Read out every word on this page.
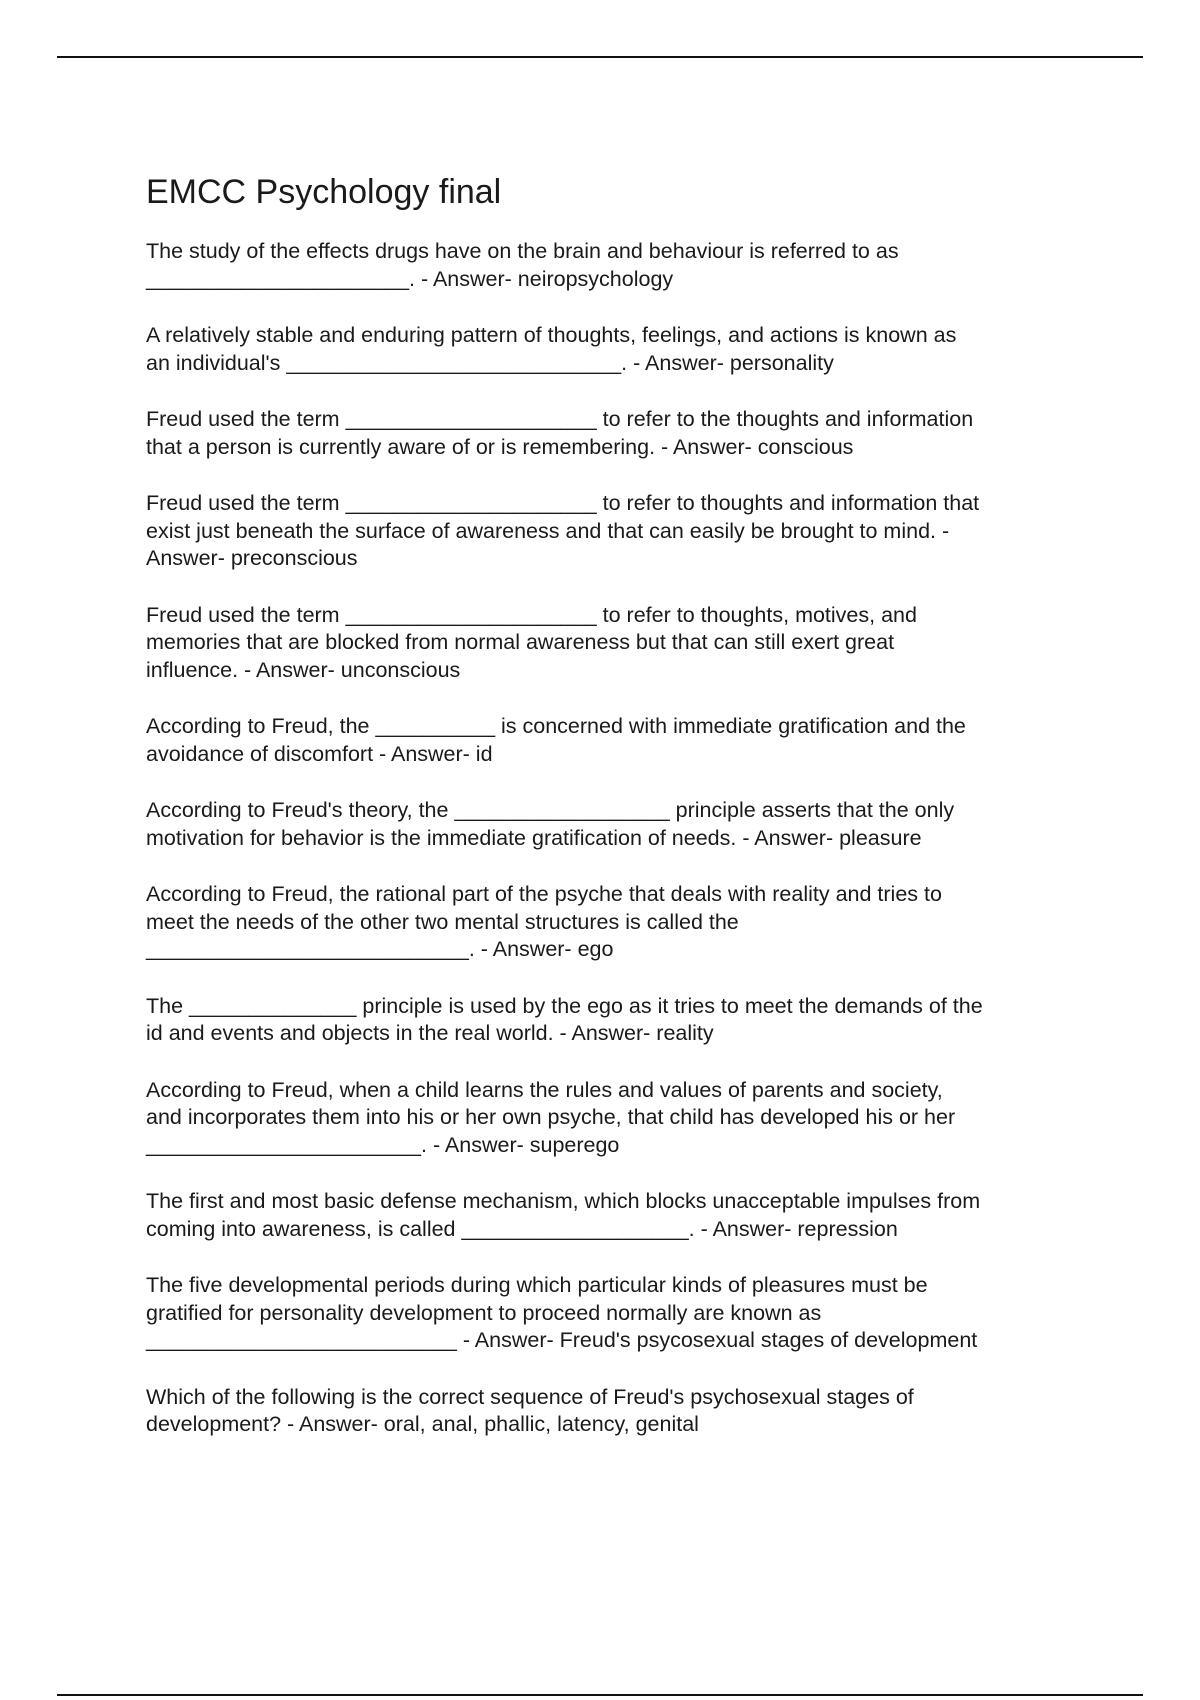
EMCC Psychology final

The study of the effects drugs have on the brain and behaviour is referred to as
______________________. - Answer- neiropsychology

A relatively stable and enduring pattern of thoughts, feelings, and actions is known as
an individual's ____________________________. - Answer- personality

Freud used the term _____________________ to refer to the thoughts and information
that a person is currently aware of or is remembering. - Answer- conscious

Freud used the term _____________________ to refer to thoughts and information that
exist just beneath the surface of awareness and that can easily be brought to mind. -
Answer- preconscious

Freud used the term _____________________ to refer to thoughts, motives, and
memories that are blocked from normal awareness but that can still exert great
influence. - Answer- unconscious

According to Freud, the __________ is concerned with immediate gratification and the
avoidance of discomfort - Answer- id

According to Freud's theory, the __________________ principle asserts that the only
motivation for behavior is the immediate gratification of needs. - Answer- pleasure

According to Freud, the rational part of the psyche that deals with reality and tries to
meet the needs of the other two mental structures is called the
___________________________. - Answer- ego

The ______________ principle is used by the ego as it tries to meet the demands of the
id and events and objects in the real world. - Answer- reality

According to Freud, when a child learns the rules and values of parents and society,
and incorporates them into his or her own psyche, that child has developed his or her
_______________________. - Answer- superego

The first and most basic defense mechanism, which blocks unacceptable impulses from
coming into awareness, is called ___________________. - Answer- repression

The five developmental periods during which particular kinds of pleasures must be
gratified for personality development to proceed normally are known as
__________________________ - Answer- Freud's psycosexual stages of development

Which of the following is the correct sequence of Freud's psychosexual stages of
development? - Answer- oral, anal, phallic, latency, genital
